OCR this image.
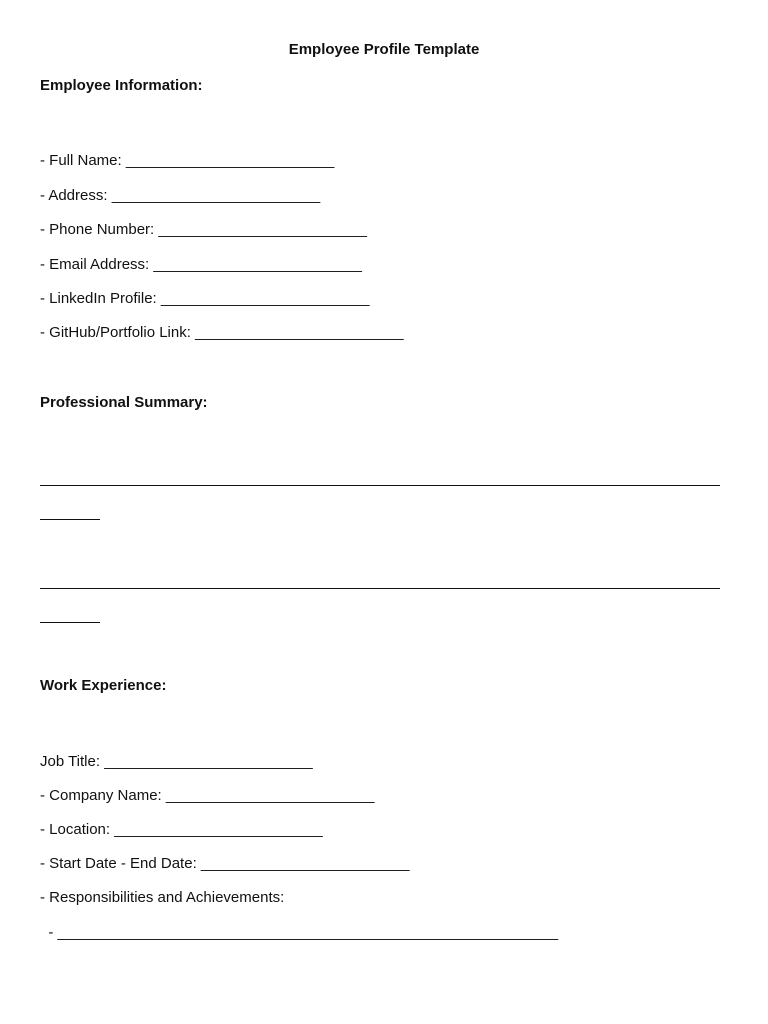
Employee Profile Template
Employee Information:
- Full Name: _________________________
- Address: _________________________
- Phone Number: _________________________
- Email Address: _________________________
- LinkedIn Profile: _________________________
- GitHub/Portfolio Link: _________________________
Professional Summary:
Work Experience:
Job Title: _________________________
- Company Name: _________________________
- Location: _________________________
- Start Date - End Date: _________________________
- Responsibilities and Achievements:
- ____________________________________________________________
